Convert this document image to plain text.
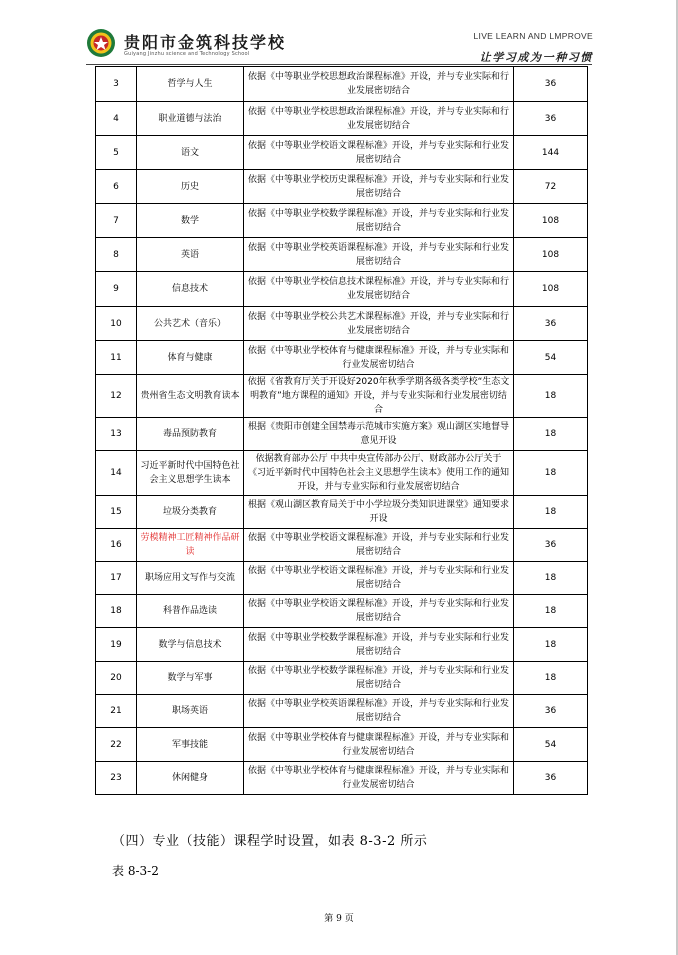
贵阳市金筑科技学校
Guiyang Jinzhu science and Technology School
LIVE LEARN AND LMPROVE
让学习成为一种习惯
3	哲学与人生	依据《中等职业学校思想政治课程标准》开设，并与专业实际和行业发展密切结合	36
4	职业道德与法治	依据《中等职业学校思想政治课程标准》开设，并与专业实际和行业发展密切结合	36
5	语文	依据《中等职业学校语文课程标准》开设，并与专业实际和行业发展密切结合	144
6	历史	依据《中等职业学校历史课程标准》开设，并与专业实际和行业发展密切结合	72
7	数学	依据《中等职业学校数学课程标准》开设，并与专业实际和行业发展密切结合	108
8	英语	依据《中等职业学校英语课程标准》开设，并与专业实际和行业发展密切结合	108
9	信息技术	依据《中等职业学校信息技术课程标准》开设，并与专业实际和行业发展密切结合	108
10	公共艺术（音乐）	依据《中等职业学校公共艺术课程标准》开设，并与专业实际和行业发展密切结合	36
11	体育与健康	依据《中等职业学校体育与健康课程标准》开设，并与专业实际和行业发展密切结合	54
12	贵州省生态文明教育读本	依据《省教育厅关于开设好2020年秋季学期各级各类学校“生态文明教育”地方课程的通知》开设，并与专业实际和行业发展密切结合	18
13	毒品预防教育	根据《贵阳市创建全国禁毒示范城市实施方案》观山湖区实地督导意见开设	18
14	习近平新时代中国特色社会主义思想学生读本	依据教育部办公厅 中共中央宣传部办公厅、财政部办公厅关于《习近平新时代中国特色社会主义思想学生读本》使用工作的通知开设，并与专业实际和行业发展密切结合	18
15	垃圾分类教育	根据《观山湖区教育局关于中小学垃圾分类知识进课堂》通知要求开设	18
16	劳模精神工匠精神作品研读	依据《中等职业学校语文课程标准》开设，并与专业实际和行业发展密切结合	36
17	职场应用文写作与交流	依据《中等职业学校语文课程标准》开设，并与专业实际和行业发展密切结合	18
18	科普作品选读	依据《中等职业学校语文课程标准》开设，并与专业实际和行业发展密切结合	18
19	数学与信息技术	依据《中等职业学校数学课程标准》开设，并与专业实际和行业发展密切结合	18
20	数学与军事	依据《中等职业学校数学课程标准》开设，并与专业实际和行业发展密切结合	18
21	职场英语	依据《中等职业学校英语课程标准》开设，并与专业实际和行业发展密切结合	36
22	军事技能	依据《中等职业学校体育与健康课程标准》开设，并与专业实际和行业发展密切结合	54
23	休闲健身	依据《中等职业学校体育与健康课程标准》开设，并与专业实际和行业发展密切结合	36
（四）专业（技能）课程学时设置，如表 8-3-2 所示
表 8-3-2
第 9 页
